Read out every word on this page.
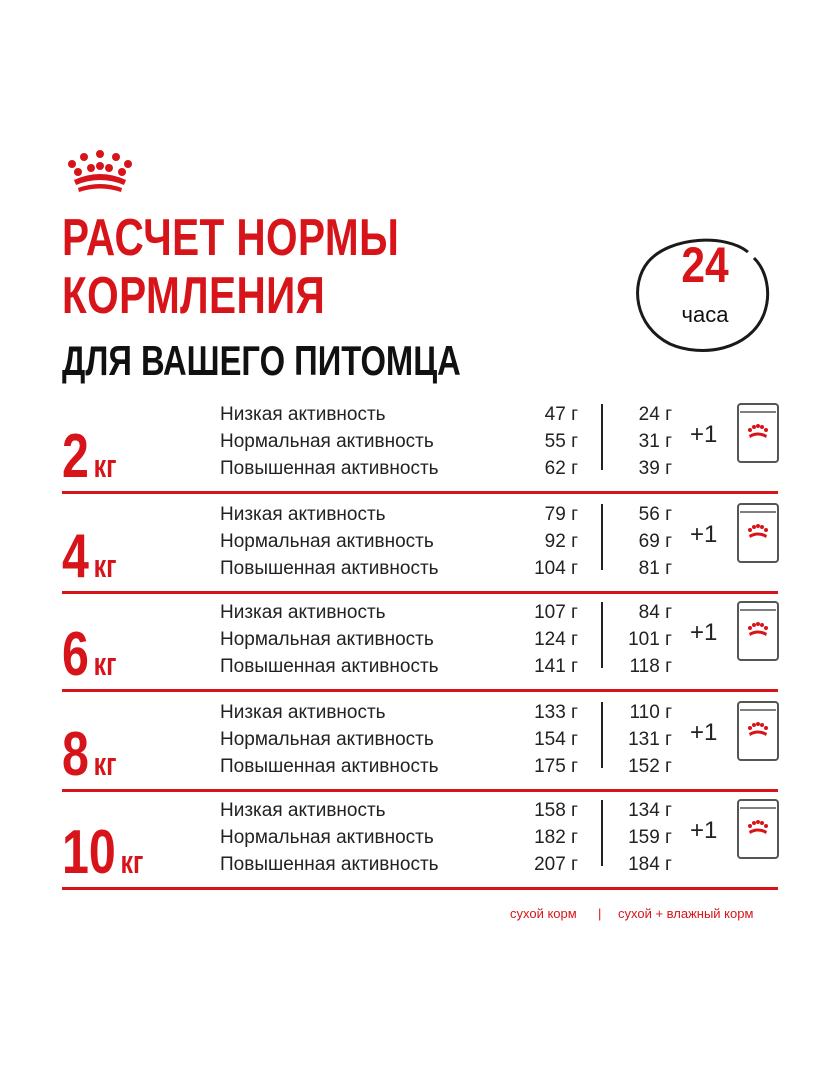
РАСЧЕТ НОРМЫ
КОРМЛЕНИЯ
ДЛЯ ВАШЕГО ПИТОМЦА
24
часа
2 кг
Низкая активность	47 г	24 г
Нормальная активность	55 г	31 г
Повышенная активность	62 г	39 г
+1
4 кг
Низкая активность	79 г	56 г
Нормальная активность	92 г	69 г
Повышенная активность	104 г	81 г
+1
6 кг
Низкая активность	107 г	84 г
Нормальная активность	124 г	101 г
Повышенная активность	141 г	118 г
+1
8 кг
Низкая активность	133 г	110 г
Нормальная активность	154 г	131 г
Повышенная активность	175 г	152 г
+1
10 кг
Низкая активность	158 г	134 г
Нормальная активность	182 г	159 г
Повышенная активность	207 г	184 г
+1
сухой корм | сухой + влажный корм
